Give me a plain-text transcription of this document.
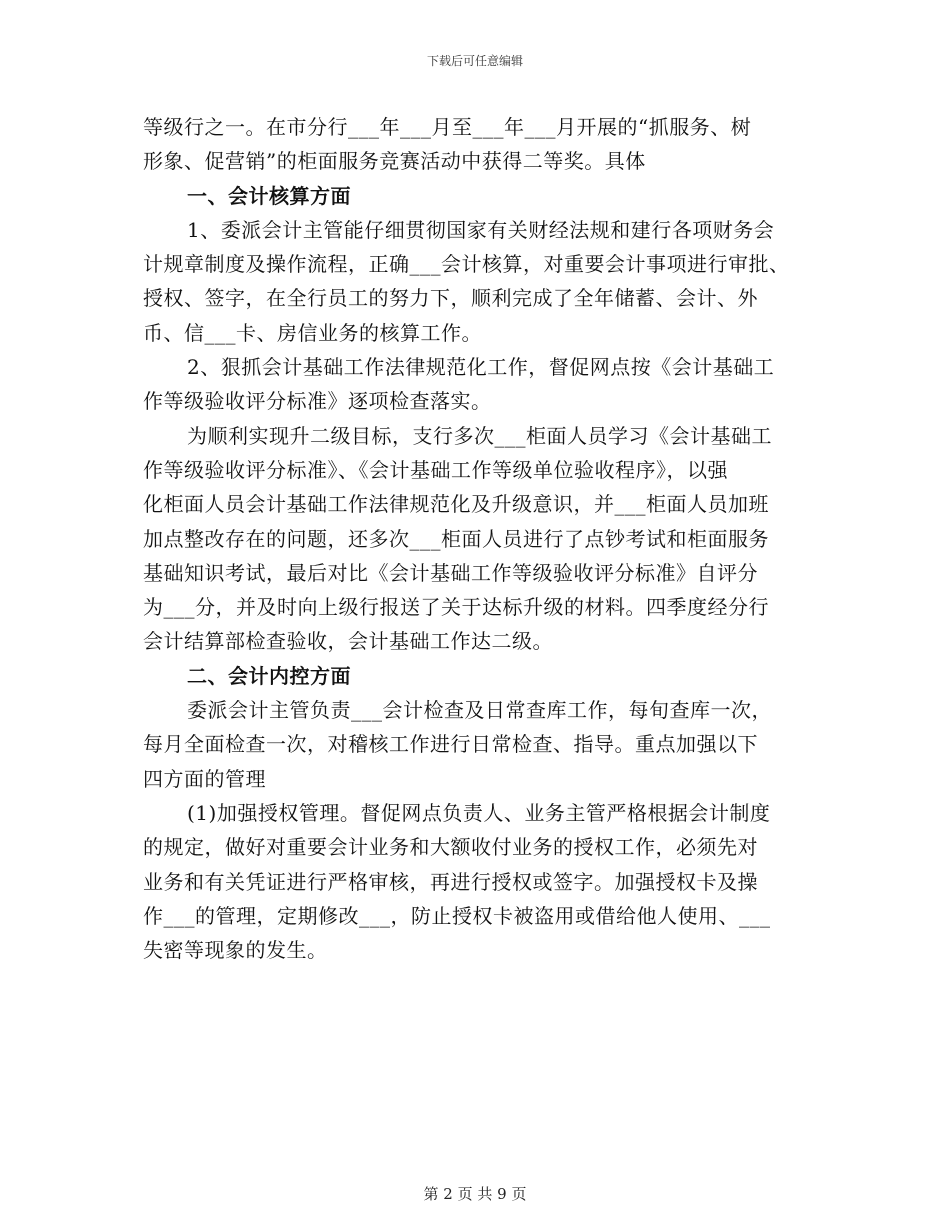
下载后可任意编辑
等级行之一。在市分行___年___月至___年___月开展的“抓服务、树
形象、促营销”的柜面服务竞赛活动中获得二等奖。具体
一、会计核算方面
1、委派会计主管能仔细贯彻国家有关财经法规和建行各项财务会
计规章制度及操作流程，正确___会计核算，对重要会计事项进行审批、
授权、签字，在全行员工的努力下，顺利完成了全年储蓄、会计、外
币、信___卡、房信业务的核算工作。
2、狠抓会计基础工作法律规范化工作，督促网点按《会计基础工
作等级验收评分标准》逐项检查落实。
为顺利实现升二级目标，支行多次___柜面人员学习《会计基础工
作等级验收评分标准》、《会计基础工作等级单位验收程序》，以强
化柜面人员会计基础工作法律规范化及升级意识，并___柜面人员加班
加点整改存在的问题，还多次___柜面人员进行了点钞考试和柜面服务
基础知识考试，最后对比《会计基础工作等级验收评分标准》自评分
为___分，并及时向上级行报送了关于达标升级的材料。四季度经分行
会计结算部检查验收，会计基础工作达二级。
二、会计内控方面
委派会计主管负责___会计检查及日常查库工作，每旬查库一次，
每月全面检查一次，对稽核工作进行日常检查、指导。重点加强以下
四方面的管理
(1)加强授权管理。督促网点负责人、业务主管严格根据会计制度
的规定，做好对重要会计业务和大额收付业务的授权工作，必须先对
业务和有关凭证进行严格审核，再进行授权或签字。加强授权卡及操
作___的管理，定期修改___，防止授权卡被盗用或借给他人使用、___
失密等现象的发生。
第 2 页 共 9 页
